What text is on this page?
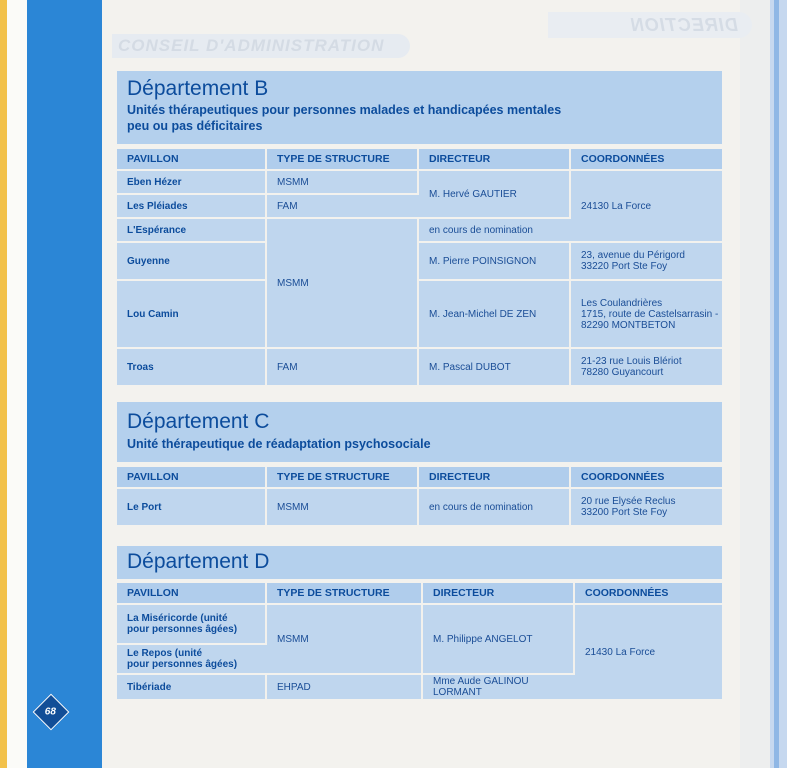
68
CONSEIL D'ADMINISTRATION
DIRECTION
Département B

Unités thérapeutiques pour personnes malades et handicapées mentales

peu ou pas déficitaires

PAVILLON	TYPE DE STRUCTURE	DIRECTEUR	COORDONNÉES
Eben Hézer	MSMM	M. Hervé GAUTIER	24130 La Force
Les Pléiades	FAM		
L'Espérance	MSMM	en cours de nomination	
Guyenne		M. Pierre POINSIGNON	23, avenue du Périgord
33220 Port Ste Foy

Lou Camin		M. Jean-Michel DE ZEN	Les Coulandrières
1715, route de Castelsarrasin -
82290 MONTBETON

Troas	FAM	M. Pascal DUBOT	21-23 rue Louis Blériot
78280 Guyancourt
Département C

Unité thérapeutique de réadaptation psychosociale

PAVILLON	TYPE DE STRUCTURE	DIRECTEUR	COORDONNÉES
Le Port	MSMM	en cours de nomination	20 rue Elysée Reclus
33200 Port Ste Foy
Département D
PAVILLON	TYPE DE STRUCTURE	DIRECTEUR	COORDONNÉES

La Miséricorde (unité
pour personnes âgées)	MSMM	M. Philippe ANGELOT	21430 La Force

Le Repos (unité
pour personnes âgées)			

Tibériade	EHPAD	Mme Aude GALINOU
LORMANT	
